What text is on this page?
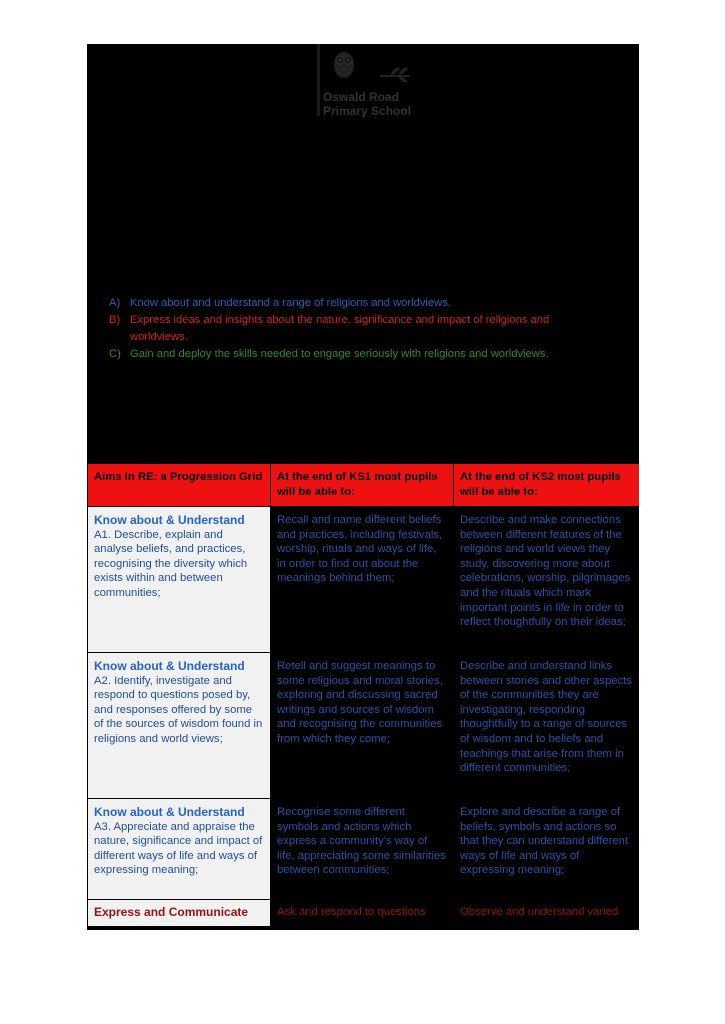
Oswald Road
Primary School
A) Know about and understand a range of religions and worldviews.
B) Express ideas and insights about the nature, significance and impact of religions and worldviews.
C) Gain and deploy the skills needed to engage seriously with religions and worldviews.
Aims in RE: a Progression Grid	At the end of KS1 most pupils will be able to:	At the end of KS2 most pupils will be able to:

Know about & Understand
A1. Describe, explain and analyse beliefs, and practices, recognising the diversity which exists within and between communities;	Recall and name different beliefs and practices, including festivals, worship, rituals and ways of life, in order to find out about the meanings behind them;	Describe and make connections between different features of the religions and world views they study, discovering more about celebrations, worship, pilgrimages and the rituals which mark important points in life in order to reflect thoughtfully on their ideas;

Know about & Understand
A2. Identify, investigate and respond to questions posed by, and responses offered by some of the sources of wisdom found in religions and world views;	Retell and suggest meanings to some religious and moral stories, exploring and discussing sacred writings and sources of wisdom and recognising the communities from which they come;	Describe and understand links between stories and other aspects of the communities they are investigating, responding thoughtfully to a range of sources of wisdom and to beliefs and teachings that arise from them in different communities;

Know about & Understand
A3. Appreciate and appraise the nature, significance and impact of different ways of life and ways of expressing meaning;	Recognise some different symbols and actions which express a community's way of life, appreciating some similarities between communities;	Explore and describe a range of beliefs, symbols and actions so that they can understand different ways of life and ways of expressing meaning;
Express and Communicate	Ask and respond to questions	Observe and understand varied
